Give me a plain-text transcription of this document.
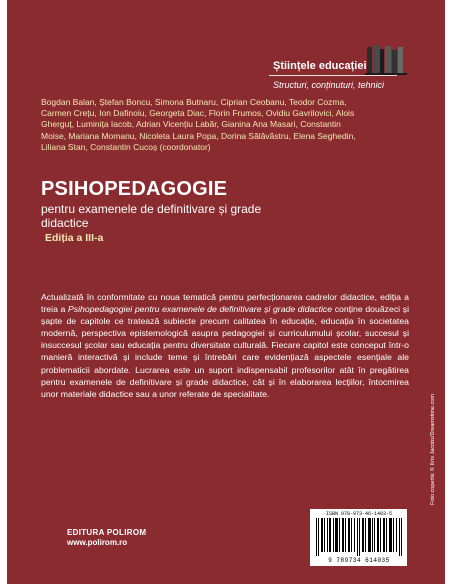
Științele educației
Structuri, conținuturi, tehnici
Bogdan Balan, Ștefan Boncu, Simona Butnaru, Ciprian Ceobanu, Teodor Cozma, Carmen Crețu, Ion Dafinoiu, Georgeta Diac, Florin Frumos, Ovidiu Gavrilovici, Alois Gherguț, Luminița Iacob, Adrian Vicențiu Labăr, Gianina Ana Masari, Constantin Moise, Mariana Momanu, Nicoleta Laura Popa, Dorina Sălăvăstru, Elena Seghedin, Liliana Stan, Constantin Cucoș (coordonator)
PSIHOPEDAGOGIE
pentru examenele de definitivare și grade didactice
Ediția a III-a
Actualizată în conformitate cu noua tematică pentru perfecționarea cadrelor didactice, ediția a treia a Psihopedagogiei pentru examenele de definitivare și grade didactice conține douăzeci și șapte de capitole ce tratează subiecte precum calitatea în educație, educația în societatea modernă, perspectiva epistemologică asupra pedagogiei și curriculumului școlar, succesul și insuccesul școlar sau educația pentru diversitate culturală. Fiecare capitol este conceput într-o manieră interactivă și include teme și întrebări care evidențiază aspectele esențiale ale problematicii abordate. Lucrarea este un suport indispensabil profesorilor atât în pregătirea pentru examenele de definitivare și grade didactice, cât și în elaborarea lecțiilor, întocmirea unor materiale didactice sau a unor referate de specialitate.
EDITURA POLIROM
www.polirom.ro
Foto copertă: © Kris Jacobs/Dreamstime.com
ISBN 978-973-46-1403-5
9 789734 614035
